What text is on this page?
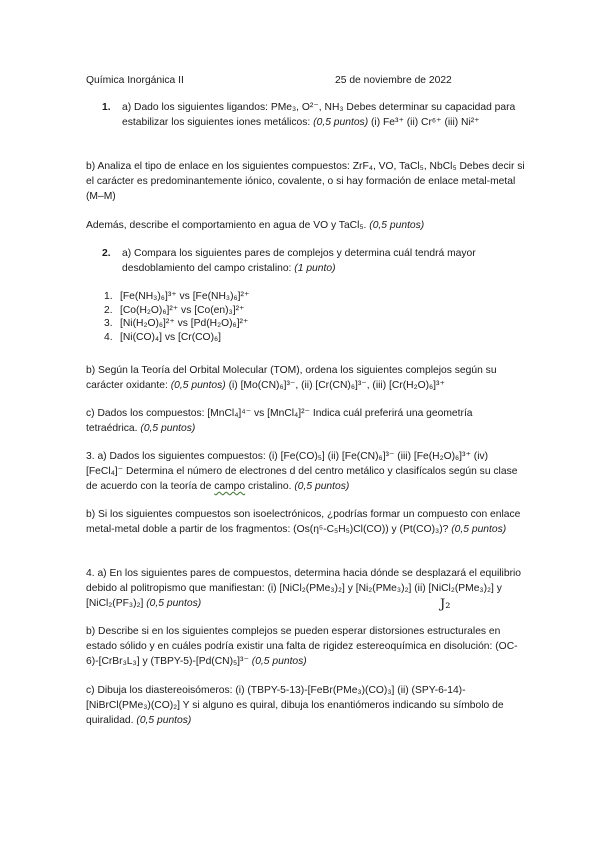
Química Inorgánica II	25 de noviembre de 2022

1.	a) Dado los siguientes ligandos: PMe₃, O²⁻, NH₃ Debes determinar su capacidad para estabilizar los siguientes iones metálicos: (0,5 puntos) (i) Fe³⁺ (ii) Cr⁶⁺ (iii) Ni²⁺

b) Analiza el tipo de enlace en los siguientes compuestos: ZrF₄, VO, TaCl₅, NbCl₅ Debes decir si el carácter es predominantemente iónico, covalente, o si hay formación de enlace metal-metal (M–M)

Además, describe el comportamiento en agua de VO y TaCl₅. (0,5 puntos)

2.	a) Compara los siguientes pares de complejos y determina cuál tendrá mayor desdoblamiento del campo cristalino: (1 punto)
1. [Fe(NH₃)₆]³⁺ vs [Fe(NH₃)₆]²⁺
2. [Co(H₂O)₆]²⁺ vs [Co(en)₃]²⁺
3. [Ni(H₂O)₆]²⁺ vs [Pd(H₂O)₆]²⁺
4. [Ni(CO)₄] vs [Cr(CO)₆]

b) Según la Teoría del Orbital Molecular (TOM), ordena los siguientes complejos según su carácter oxidante: (0,5 puntos) (i) [Mo(CN)₆]³⁻, (ii) [Cr(CN)₆]³⁻, (iii) [Cr(H₂O)₆]³⁺

c) Dados los compuestos: [MnCl₄]⁴⁻ vs [MnCl₄]²⁻ Indica cuál preferirá una geometría tetraédrica. (0,5 puntos)

3. a) Dados los siguientes compuestos: (i) [Fe(CO)₅] (ii) [Fe(CN)₆]³⁻ (iii) [Fe(H₂O)₆]³⁺ (iv) [FeCl₄]⁻ Determina el número de electrones d del centro metálico y clasifícalos según su clase de acuerdo con la teoría de campo cristalino. (0,5 puntos)

b) Si los siguientes compuestos son isoelectrónicos, ¿podrías formar un compuesto con enlace metal-metal doble a partir de los fragmentos: (Os(η⁵-C₅H₅)Cl(CO)) y (Pt(CO)₃)? (0,5 puntos)

4. a) En los siguientes pares de compuestos, determina hacia dónde se desplazará el equilibrio debido al politropismo que manifiestan: (i) [NiCl₂(PMe₃)₂] y [Ni₂(PMe₃)₂] (ii) [NiCl₂(PMe₃)₂] y [NiCl₂(PF₃)₂] (0,5 puntos)	J₂

b) Describe si en los siguientes complejos se pueden esperar distorsiones estructurales en estado sólido y en cuáles podría existir una falta de rigidez estereoquímica en disolución: (OC-6)-[CrBr₃L₃] y (TBPY-5)-[Pd(CN)₅]³⁻ (0,5 puntos)

c) Dibuja los diastereoisómeros: (i) (TBPY-5-13)-[FeBr(PMe₃)(CO)₃] (ii) (SPY-6-14)-[NiBrCl(PMe₃)(CO)₂] Y si alguno es quiral, dibuja los enantiómeros indicando su símbolo de quiralidad. (0,5 puntos)
